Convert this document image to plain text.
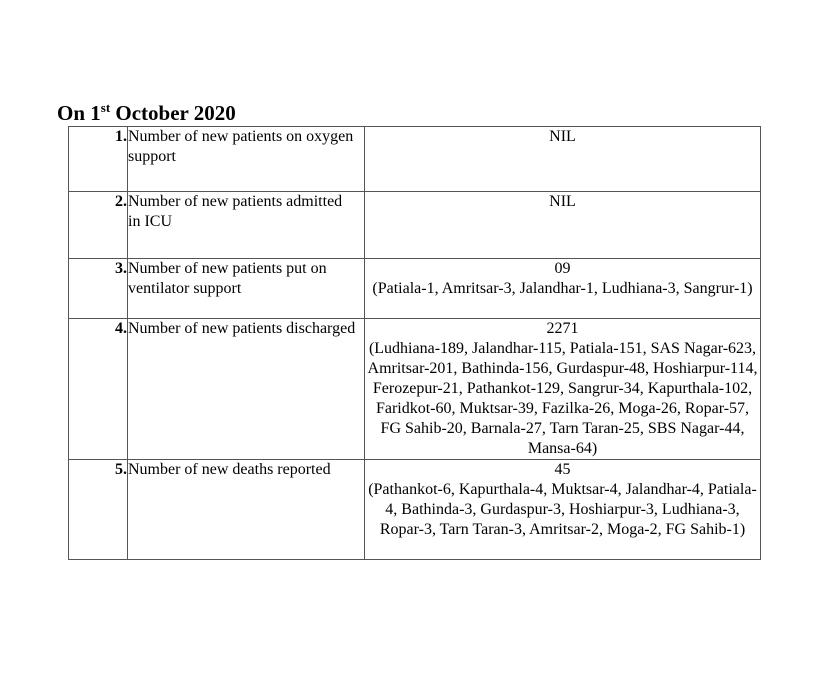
On 1st October 2020
1.	Number of new patients on oxygen support	NIL

2.	Number of new patients admitted in ICU	NIL

3.	Number of new patients put on ventilator support	09
(Patiala-1, Amritsar-3, Jalandhar-1, Ludhiana-3, Sangrur-1)

4.	Number of new patients discharged	2271
(Ludhiana-189, Jalandhar-115, Patiala-151, SAS Nagar-623, Amritsar-201, Bathinda-156, Gurdaspur-48, Hoshiarpur-114, Ferozepur-21, Pathankot-129, Sangrur-34, Kapurthala-102, Faridkot-60, Muktsar-39, Fazilka-26, Moga-26, Ropar-57, FG Sahib-20, Barnala-27, Tarn Taran-25, SBS Nagar-44, Mansa-64)

5.	Number of new deaths reported	45
(Pathankot-6, Kapurthala-4, Muktsar-4, Jalandhar-4, Patiala-4, Bathinda-3, Gurdaspur-3, Hoshiarpur-3, Ludhiana-3, Ropar-3, Tarn Taran-3, Amritsar-2, Moga-2, FG Sahib-1)
